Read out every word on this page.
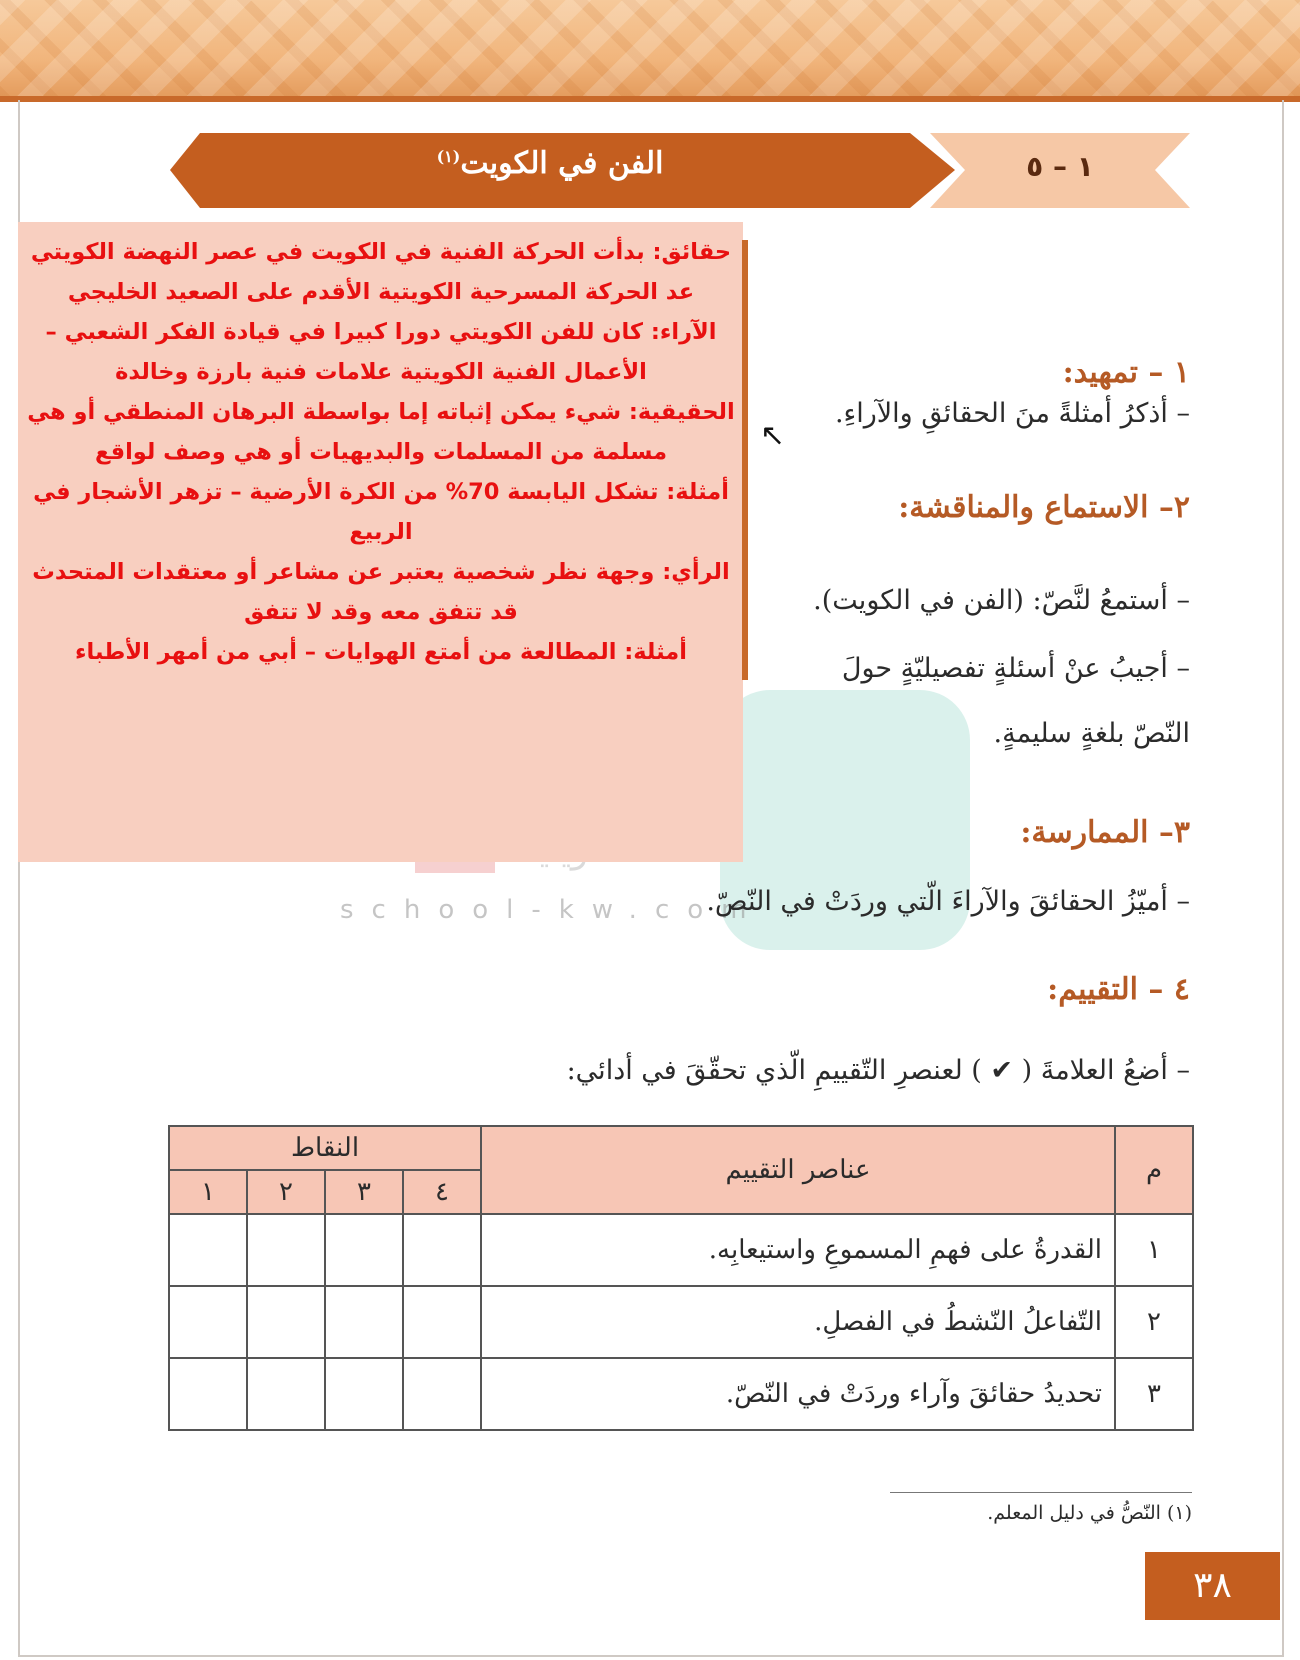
الفن في الكويت$^{(١)}$	١ – ٥
school-kw.com
١ – تمهيد:
– أذكرُ أمثلةً منَ الحقائقِ والآراءِ.
↖
٢– الاستماع والمناقشة:
– أستمعُ لنَّصّ: (الفن في الكويت).
– أجيبُ عنْ أسئلةٍ تفصيليّةٍ حولَ
النّصّ بلغةٍ سليمةٍ.
٣– الممارسة:
– أميّزُ الحقائقَ والآراءَ الّتي وردَتْ في النّصّ.
٤ – التقييم:
– أضعُ العلامةَ ( ✔ ) لعنصرِ التّقييمِ الّذي تحقّقَ في أدائي:
حقائق: بدأت الحركة الفنية في الكويت في عصر النهضة الكويتي عد الحركة المسرحية الكويتية الأقدم على الصعيد الخليجي
الآراء: كان للفن الكويتي دورا كبيرا في قيادة الفكر الشعبي – الأعمال الفنية الكويتية علامات فنية بارزة وخالدة
الحقيقية: شيء يمكن إثباته إما بواسطة البرهان المنطقي أو هي مسلمة من المسلمات والبديهيات أو هي وصف لواقع
أمثلة: تشكل اليابسة 70% من الكرة الأرضية – تزهر الأشجار في الربيع
الرأي: وجهة نظر شخصية يعتبر عن مشاعر أو معتقدات المتحدث قد تتفق معه وقد لا تتفق
أمثلة: المطالعة من أمتع الهوايات – أبي من أمهر الأطباء
م	عناصر التقييم	النقاط			
		٤	٣	٢	١
١	القدرةُ على فهمِ المسموعِ واستيعابِه.				
٢	التّفاعلُ النّشطُ في الفصلِ.				
٣	تحديدُ حقائقَ وآراء وردَتْ في النّصّ.				
(١) النّصُّ في دليل المعلم.
٣٨
